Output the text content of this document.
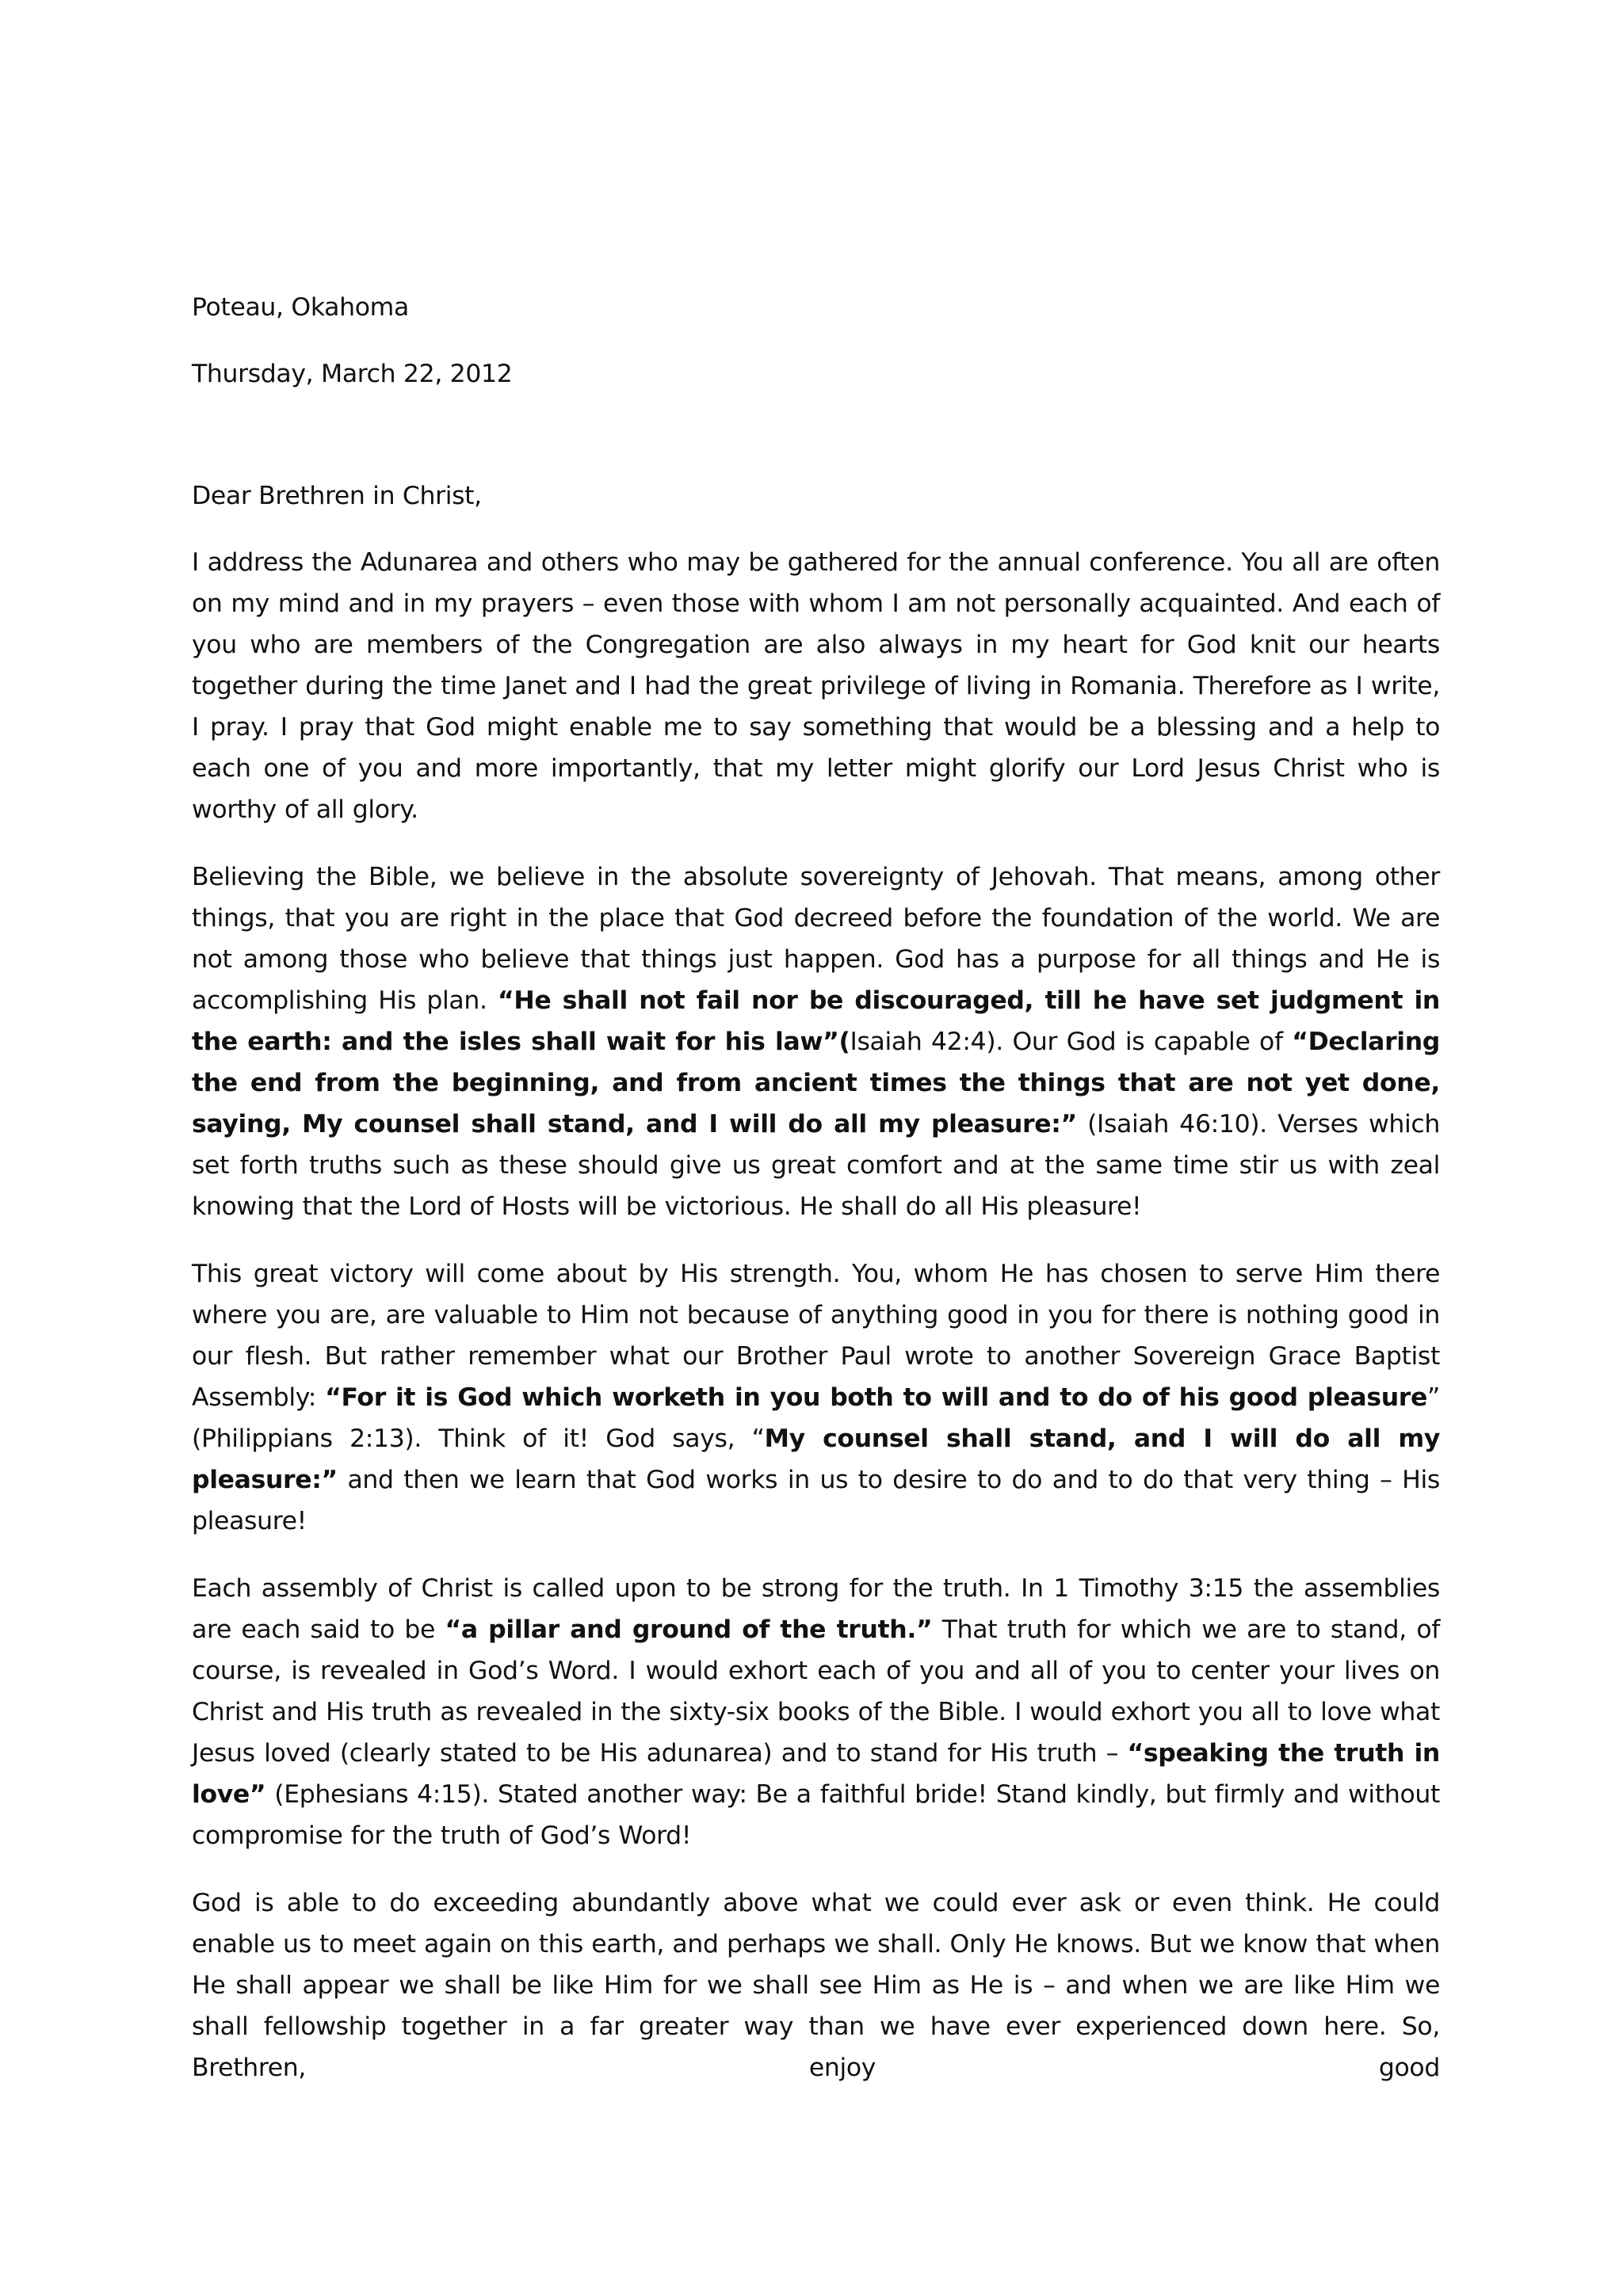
Poteau, Okahoma

Thursday, March 22, 2012

Dear Brethren in Christ,

I address the Adunarea and others who may be gathered for the annual conference. You all are often on my mind and in my prayers – even those with whom I am not personally acquainted. And each of you who are members of the Congregation are also always in my heart for God knit our hearts together during the time Janet and I had the great privilege of living in Romania. Therefore as I write, I pray. I pray that God might enable me to say something that would be a blessing and a help to each one of you and more importantly, that my letter might glorify our Lord Jesus Christ who is worthy of all glory.

Believing the Bible, we believe in the absolute sovereignty of Jehovah. That means, among other things, that you are right in the place that God decreed before the foundation of the world. We are not among those who believe that things just happen. God has a purpose for all things and He is accomplishing His plan. “He shall not fail nor be discouraged, till he have set judgment in the earth: and the isles shall wait for his law”(Isaiah 42:4). Our God is capable of “Declaring the end from the beginning, and from ancient times the things that are not yet done, saying, My counsel shall stand, and I will do all my pleasure:” (Isaiah 46:10). Verses which set forth truths such as these should give us great comfort and at the same time stir us with zeal knowing that the Lord of Hosts will be victorious. He shall do all His pleasure!

This great victory will come about by His strength. You, whom He has chosen to serve Him there where you are, are valuable to Him not because of anything good in you for there is nothing good in our flesh. But rather remember what our Brother Paul wrote to another Sovereign Grace Baptist Assembly: “For it is God which worketh in you both to will and to do of his good pleasure” (Philippians 2:13). Think of it! God says, “My counsel shall stand, and I will do all my pleasure:” and then we learn that God works in us to desire to do and to do that very thing – His pleasure!

Each assembly of Christ is called upon to be strong for the truth. In 1 Timothy 3:15 the assemblies are each said to be “a pillar and ground of the truth.” That truth for which we are to stand, of course, is revealed in God’s Word. I would exhort each of you and all of you to center your lives on Christ and His truth as revealed in the sixty-six books of the Bible. I would exhort you all to love what Jesus loved (clearly stated to be His adunarea) and to stand for His truth – “speaking the truth in love” (Ephesians 4:15). Stated another way: Be a faithful bride! Stand kindly, but firmly and without compromise for the truth of God’s Word!

God is able to do exceeding abundantly above what we could ever ask or even think. He could enable us to meet again on this earth, and perhaps we shall. Only He knows. But we know that when He shall appear we shall be like Him for we shall see Him as He is – and when we are like Him we shall fellowship together in a far greater way than we have ever experienced down here. So, Brethren, enjoy good
